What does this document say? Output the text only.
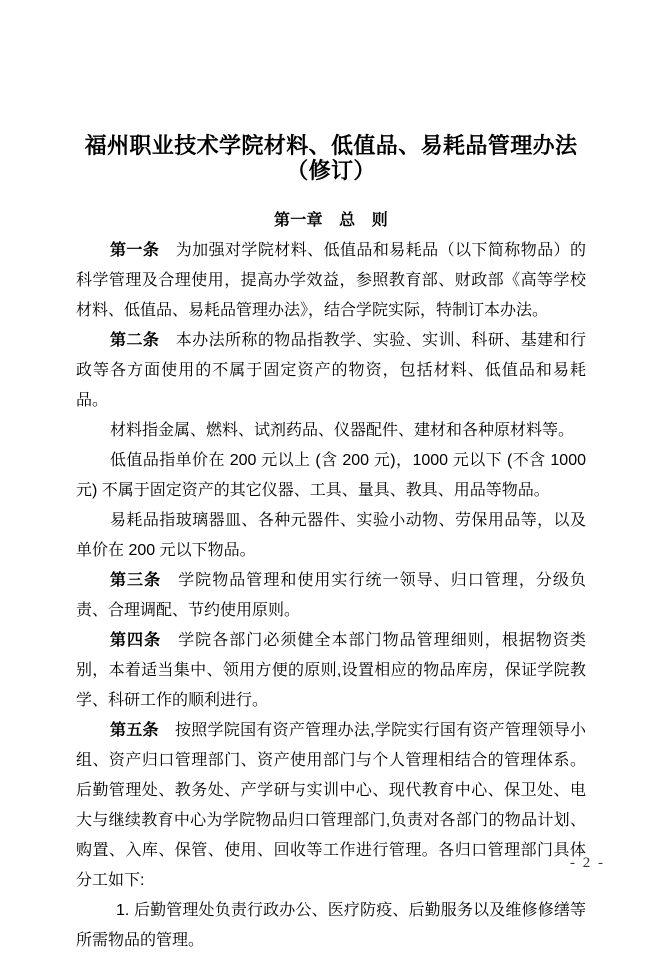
福州职业技术学院材料、低值品、易耗品管理办法
（修订）
第一章　总　则

第一条 为加强对学院材料、低值品和易耗品（以下简称物品）的科学管理及合理使用，提高办学效益，参照教育部、财政部《高等学校材料、低值品、易耗品管理办法》，结合学院实际，特制订本办法。

第二条 本办法所称的物品指教学、实验、实训、科研、基建和行政等各方面使用的不属于固定资产的物资，包括材料、低值品和易耗品。

材料指金属、燃料、试剂药品、仪器配件、建材和各种原材料等。

低值品指单价在 200 元以上 (含 200 元)，1000 元以下 (不含 1000 元) 不属于固定资产的其它仪器、工具、量具、教具、用品等物品。

易耗品指玻璃器皿、各种元器件、实验小动物、劳保用品等，以及单价在 200 元以下物品。

第三条 学院物品管理和使用实行统一领导、归口管理，分级负责、合理调配、节约使用原则。

第四条 学院各部门必须健全本部门物品管理细则，根据物资类别，本着适当集中、领用方便的原则,设置相应的物品库房，保证学院教学、科研工作的顺利进行。

第五条 按照学院国有资产管理办法,学院实行国有资产管理领导小组、资产归口管理部门、资产使用部门与个人管理相结合的管理体系。后勤管理处、教务处、产学研与实训中心、现代教育中心、保卫处、电大与继续教育中心为学院物品归口管理部门,负责对各部门的物品计划、购置、入库、保管、使用、回收等工作进行管理。各归口管理部门具体分工如下:

1. 后勤管理处负责行政办公、医疗防疫、后勤服务以及维修修缮等所需物品的管理。

- 2 -
